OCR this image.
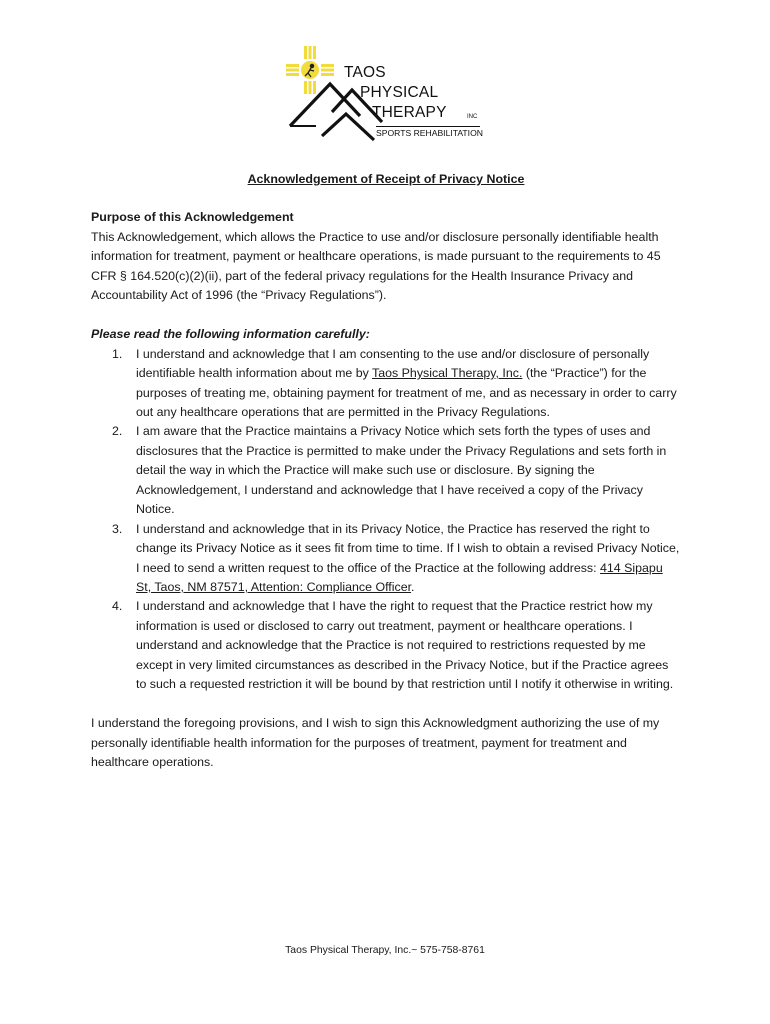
TAOS
PHYSICAL
THERAPY	INC
SPORTS REHABILITATION

Acknowledgement of Receipt of Privacy Notice

Purpose of this Acknowledgement

This Acknowledgement, which allows the Practice to use and/or disclosure personally identifiable health information for treatment, payment or healthcare operations, is made pursuant to the requirements to 45 CFR § 164.520(c)(2)(ii), part of the federal privacy regulations for the Health Insurance Privacy and Accountability Act of 1996 (the “Privacy Regulations”).

Please read the following information carefully:

1. I understand and acknowledge that I am consenting to the use and/or disclosure of personally identifiable health information about me by Taos Physical Therapy, Inc. (the “Practice”) for the purposes of treating me, obtaining payment for treatment of me, and as necessary in order to carry out any healthcare operations that are permitted in the Privacy Regulations.
2. I am aware that the Practice maintains a Privacy Notice which sets forth the types of uses and disclosures that the Practice is permitted to make under the Privacy Regulations and sets forth in detail the way in which the Practice will make such use or disclosure. By signing the Acknowledgement, I understand and acknowledge that I have received a copy of the Privacy Notice.
3. I understand and acknowledge that in its Privacy Notice, the Practice has reserved the right to change its Privacy Notice as it sees fit from time to time. If I wish to obtain a revised Privacy Notice, I need to send a written request to the office of the Practice at the following address: 414 Sipapu St, Taos, NM 87571, Attention: Compliance Officer.
4. I understand and acknowledge that I have the right to request that the Practice restrict how my information is used or disclosed to carry out treatment, payment or healthcare operations. I understand and acknowledge that the Practice is not required to restrictions requested by me except in very limited circumstances as described in the Privacy Notice, but if the Practice agrees to such a requested restriction it will be bound by that restriction until I notify it otherwise in writing.

I understand the foregoing provisions, and I wish to sign this Acknowledgment authorizing the use of my personally identifiable health information for the purposes of treatment, payment for treatment and healthcare operations.

Taos Physical Therapy, Inc.~ 575-758-8761
